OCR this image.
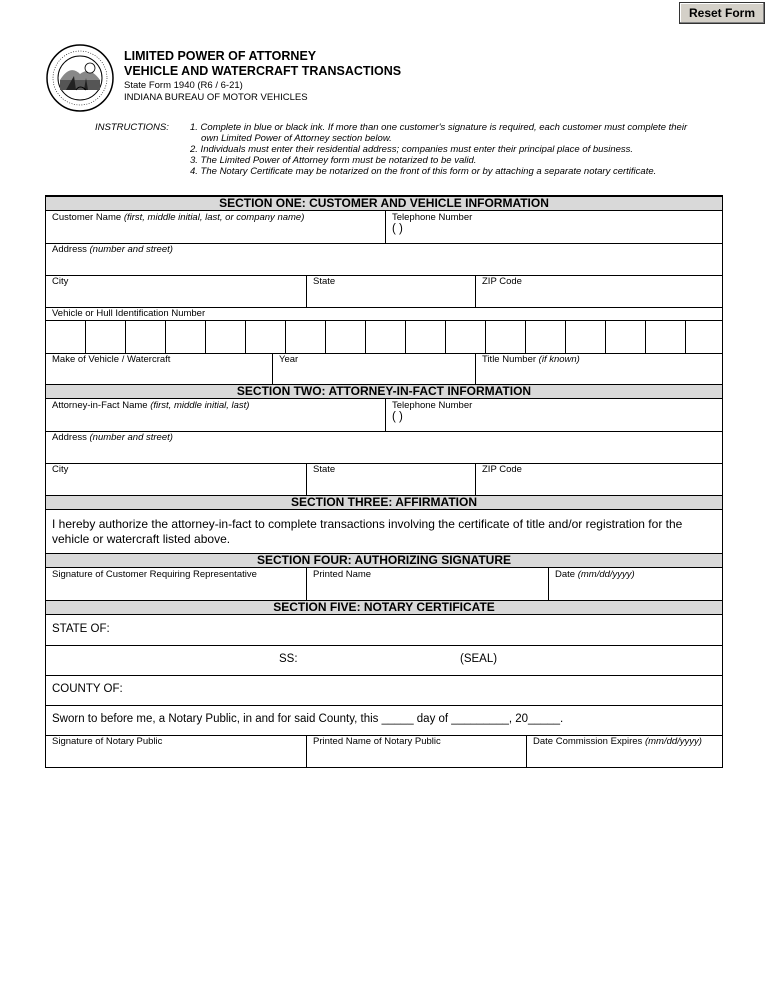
Reset Form
LIMITED POWER OF ATTORNEY
VEHICLE AND WATERCRAFT TRANSACTIONS
State Form 1940 (R6 / 6-21)
INDIANA BUREAU OF MOTOR VEHICLES
INSTRUCTIONS: 1. Complete in blue or black ink. If more than one customer's signature is required, each customer must complete their
own Limited Power of Attorney section below.
2. Individuals must enter their residential address; companies must enter their principal place of business.
3. The Limited Power of Attorney form must be notarized to be valid.
4. The Notary Certificate may be notarized on the front of this form or by attaching a separate notary certificate.
SECTION ONE: CUSTOMER AND VEHICLE INFORMATION
Customer Name (first, middle initial, last, or company name)	Telephone Number
( )
Address (number and street)
City	State	ZIP Code
Vehicle or Hull Identification Number
Make of Vehicle / Watercraft	Year	Title Number (if known)
SECTION TWO: ATTORNEY-IN-FACT INFORMATION
Attorney-in-Fact Name (first, middle initial, last)	Telephone Number
( )
Address (number and street)
City	State	ZIP Code
SECTION THREE: AFFIRMATION
I hereby authorize the attorney-in-fact to complete transactions involving the certificate of title and/or registration for the vehicle or watercraft listed above.
SECTION FOUR: AUTHORIZING SIGNATURE
Signature of Customer Requiring Representative	Printed Name	Date (mm/dd/yyyy)
SECTION FIVE: NOTARY CERTIFICATE
STATE OF:
SS:	(SEAL)
COUNTY OF:
Sworn to before me, a Notary Public, in and for said County, this _____ day of _________, 20_____.
Signature of Notary Public	Printed Name of Notary Public	Date Commission Expires (mm/dd/yyyy)
